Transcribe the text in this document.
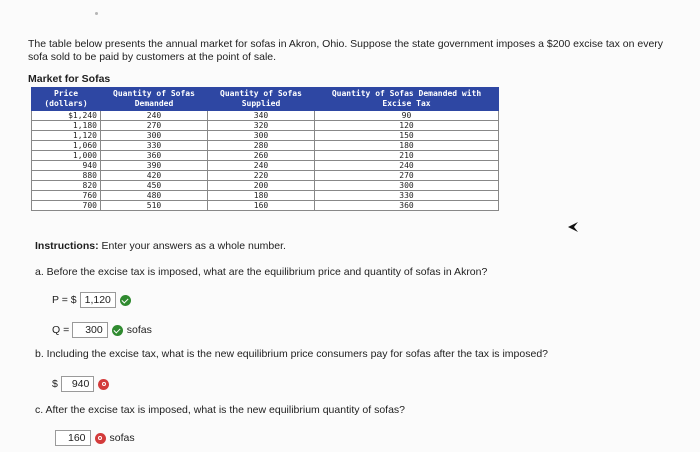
The table below presents the annual market for sofas in Akron, Ohio. Suppose the state government imposes a $200 excise tax on every sofa sold to be paid by customers at the point of sale.
Market for Sofas
Price (dollars)	Quantity of Sofas Demanded	Quantity of Sofas Supplied	Quantity of Sofas Demanded with Excise Tax
$1,240	240	340	90
1,180	270	320	120
1,120	300	300	150
1,060	330	280	180
1,000	360	260	210
940	390	240	240
880	420	220	270
820	450	200	300
760	480	180	330
700	510	160	360
Instructions: Enter your answers as a whole number.
a. Before the excise tax is imposed, what are the equilibrium price and quantity of sofas in Akron?
P = $ 1,120
Q =	300	sofas
b. Including the excise tax, what is the new equilibrium price consumers pay for sofas after the tax is imposed?
$	940
c. After the excise tax is imposed, what is the new equilibrium quantity of sofas?
160	sofas
